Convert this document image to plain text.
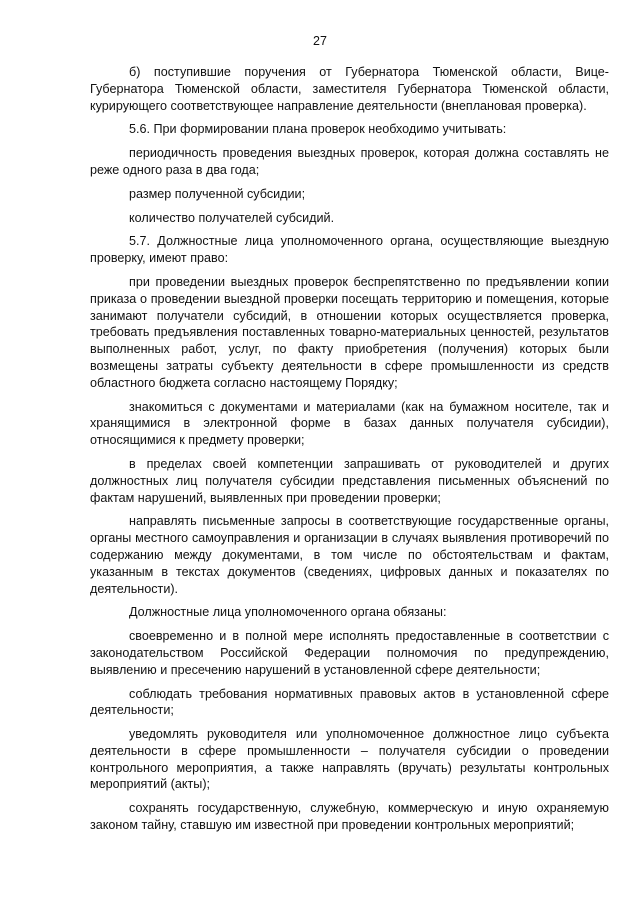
27

б) поступившие поручения от Губернатора Тюменской области, Вице-Губернатора Тюменской области, заместителя Губернатора Тюменской области, курирующего соответствующее направление деятельности (внеплановая проверка).

5.6. При формировании плана проверок необходимо учитывать:

периодичность проведения выездных проверок, которая должна составлять не реже одного раза в два года;

размер полученной субсидии;

количество получателей субсидий.

5.7. Должностные лица уполномоченного органа, осуществляющие выездную проверку, имеют право:

при проведении выездных проверок беспрепятственно по предъявлении копии приказа о проведении выездной проверки посещать территорию и помещения, которые занимают получатели субсидий, в отношении которых осуществляется проверка, требовать предъявления поставленных товарно-материальных ценностей, результатов выполненных работ, услуг, по факту приобретения (получения) которых были возмещены затраты субъекту деятельности в сфере промышленности из средств областного бюджета согласно настоящему Порядку;

знакомиться с документами и материалами (как на бумажном носителе, так и хранящимися в электронной форме в базах данных получателя субсидии), относящимися к предмету проверки;

в пределах своей компетенции запрашивать от руководителей и других должностных лиц получателя субсидии представления письменных объяснений по фактам нарушений, выявленных при проведении проверки;

направлять письменные запросы в соответствующие государственные органы, органы местного самоуправления и организации в случаях выявления противоречий по содержанию между документами, в том числе по обстоятельствам и фактам, указанным в текстах документов (сведениях, цифровых данных и показателях по деятельности).

Должностные лица уполномоченного органа обязаны:

своевременно и в полной мере исполнять предоставленные в соответствии с законодательством Российской Федерации полномочия по предупреждению, выявлению и пресечению нарушений в установленной сфере деятельности;

соблюдать требования нормативных правовых актов в установленной сфере деятельности;

уведомлять руководителя или уполномоченное должностное лицо субъекта деятельности в сфере промышленности – получателя субсидии о проведении контрольного мероприятия, а также направлять (вручать) результаты контрольных мероприятий (акты);

сохранять государственную, служебную, коммерческую и иную охраняемую законом тайну, ставшую им известной при проведении контрольных мероприятий;
